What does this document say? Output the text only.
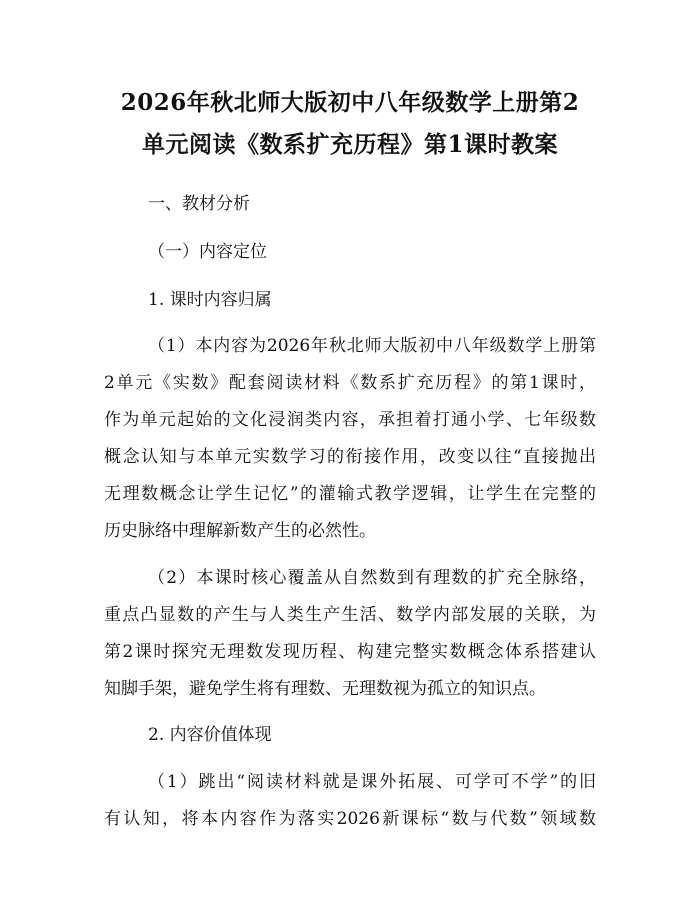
2026年秋北师大版初中八年级数学上册第2
单元阅读《数系扩充历程》第1课时教案
一、教材分析
（一）内容定位
1. 课时内容归属
（1）本内容为2026年秋北师大版初中八年级数学上册第
2单元《实数》配套阅读材料《数系扩充历程》的第1课时，
作为单元起始的文化浸润类内容，承担着打通小学、七年级数
概念认知与本单元实数学习的衔接作用，改变以往“直接抛出
无理数概念让学生记忆”的灌输式教学逻辑，让学生在完整的
历史脉络中理解新数产生的必然性。
（2）本课时核心覆盖从自然数到有理数的扩充全脉络，
重点凸显数的产生与人类生产生活、数学内部发展的关联，为
第2课时探究无理数发现历程、构建完整实数概念体系搭建认
知脚手架，避免学生将有理数、无理数视为孤立的知识点。
2. 内容价值体现
（1）跳出“阅读材料就是课外拓展、可学可不学”的旧
有认知，将本内容作为落实2026新课标“数与代数”领域数
